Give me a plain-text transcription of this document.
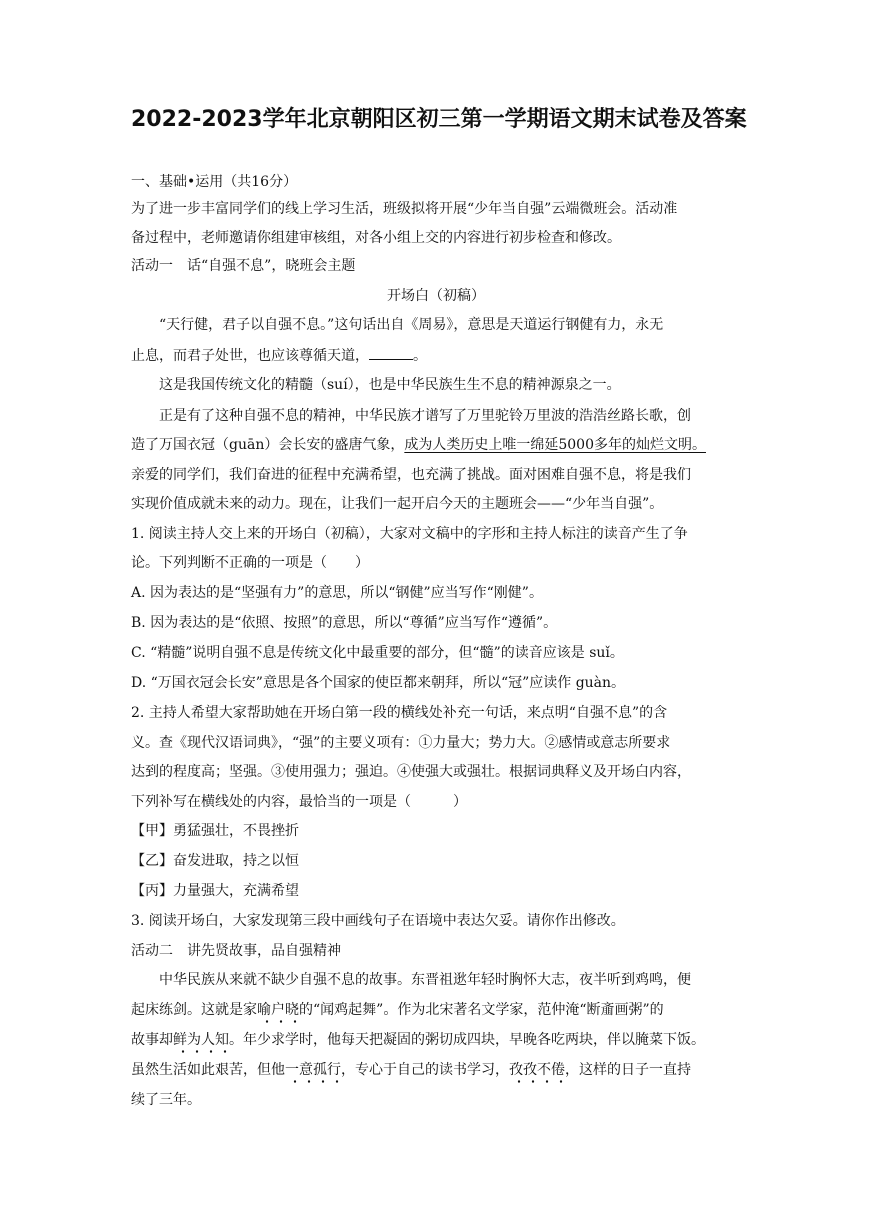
2022-2023学年北京朝阳区初三第一学期语文期末试卷及答案
一、基础•运用（共16分）
为了进一步丰富同学们的线上学习生活，班级拟将开展“少年当自强”云端微班会。活动准
备过程中，老师邀请你组建审核组，对各小组上交的内容进行初步检查和修改。
活动一　话“自强不息”，晓班会主题
开场白（初稿）
“天行健，君子以自强不息。”这句话出自《周易》，意思是天道运行钢健有力，永无
止息，而君子处世，也应该尊循天道，	。
这是我国传统文化的精髓（suí），也是中华民族生生不息的精神源泉之一。
正是有了这种自强不息的精神，中华民族才谱写了万里驼铃万里波的浩浩丝路长歌，创
造了万国衣冠（guān）会长安的盛唐气象，成为人类历史上唯一绵延5000多年的灿烂文明。
亲爱的同学们，我们奋进的征程中充满希望，也充满了挑战。面对困难自强不息，将是我们
实现价值成就未来的动力。现在，让我们一起开启今天的主题班会——“少年当自强”。
1. 阅读主持人交上来的开场白（初稿），大家对文稿中的字形和主持人标注的读音产生了争
论。下列判断不正确的一项是（　　）
A. 因为表达的是“坚强有力”的意思，所以“钢健”应当写作“刚健”。
B. 因为表达的是“依照、按照”的意思，所以“尊循”应当写作“遵循”。
C. “精髓”说明自强不息是传统文化中最重要的部分，但“髓”的读音应该是 suǐ。
D. “万国衣冠会长安”意思是各个国家的使臣都来朝拜，所以“冠”应读作 guàn。
2. 主持人希望大家帮助她在开场白第一段的横线处补充一句话，来点明“自强不息”的含
义。查《现代汉语词典》，“强”的主要义项有：①力量大；势力大。②感情或意志所要求
达到的程度高；坚强。③使用强力；强迫。④使强大或强壮。根据词典释义及开场白内容，
下列补写在横线处的内容，最恰当的一项是（　　　）
【甲】勇猛强壮，不畏挫折
【乙】奋发进取，持之以恒
【丙】力量强大，充满希望
3. 阅读开场白，大家发现第三段中画线句子在语境中表达欠妥。请你作出修改。
活动二　讲先贤故事，品自强精神
中华民族从来就不缺少自强不息的故事。东晋祖逖年轻时胸怀大志，夜半听到鸡鸣，便
起床练剑。这就是家喻户晓的“闻鸡起舞”。作为北宋著名文学家，范仲淹“断齑画粥”的
故事却鲜为人知。年少求学时，他每天把凝固的粥切成四块，早晚各吃两块，伴以腌菜下饭。
虽然生活如此艰苦，但他一意孤行，专心于自己的读书学习，孜孜不倦，这样的日子一直持
续了三年。
